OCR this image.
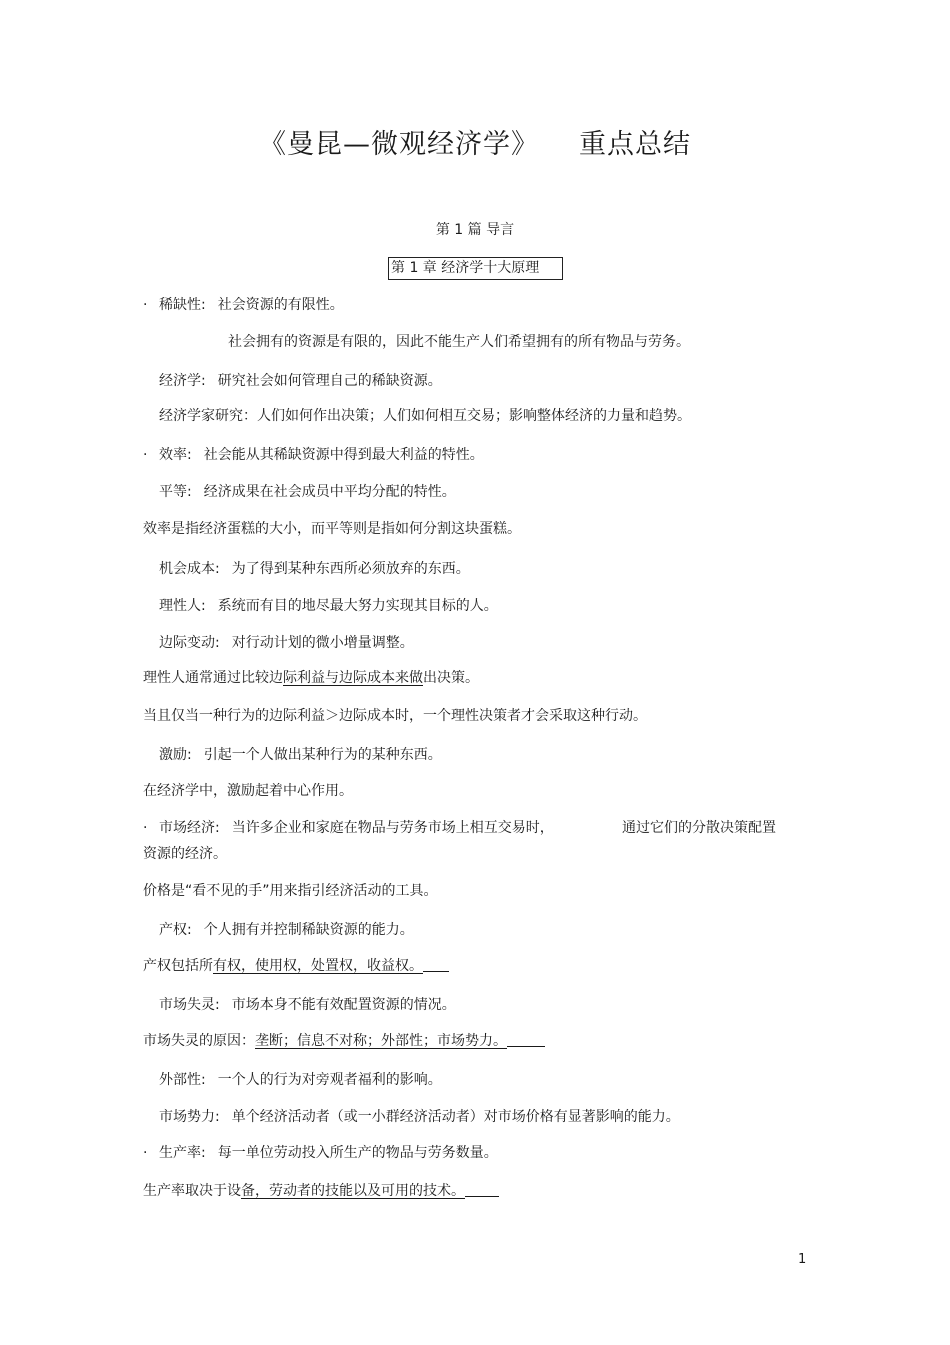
《曼昆—微观经济学》 重点总结
第 1 篇 导言
第 1 章 经济学十大原理
· 稀缺性: 社会资源的有限性。
社会拥有的资源是有限的，因此不能生产人们希望拥有的所有物品与劳务。
经济学: 研究社会如何管理自己的稀缺资源。
经济学家研究：人们如何作出决策；人们如何相互交易；影响整体经济的力量和趋势。
· 效率: 社会能从其稀缺资源中得到最大利益的特性。
平等: 经济成果在社会成员中平均分配的特性。
效率是指经济蛋糕的大小，而平等则是指如何分割这块蛋糕。
机会成本: 为了得到某种东西所必须放弃的东西。
理性人: 系统而有目的地尽最大努力实现其目标的人。
边际变动: 对行动计划的微小增量调整。
理性人通常通过比较边际利益与边际成本来做出决策。
当且仅当一种行为的边际利益＞边际成本时，一个理性决策者才会采取这种行动。
激励: 引起一个人做出某种行为的某种东西。
在经济学中，激励起着中心作用。
· 市场经济: 当许多企业和家庭在物品与劳务市场上相互交易时，	通过它们的分散决策配置
资源的经济。
价格是“看不见的手”用来指引经济活动的工具。
产权: 个人拥有并控制稀缺资源的能力。
产权包括所有权，使用权，处置权，收益权。
市场失灵: 市场本身不能有效配置资源的情况。
市场失灵的原因：垄断；信息不对称；外部性；市场势力。
外部性: 一个人的行为对旁观者福利的影响。
市场势力: 单个经济活动者（或一小群经济活动者）对市场价格有显著影响的能力。
· 生产率: 每一单位劳动投入所生产的物品与劳务数量。
生产率取决于设备，劳动者的技能以及可用的技术。
1
